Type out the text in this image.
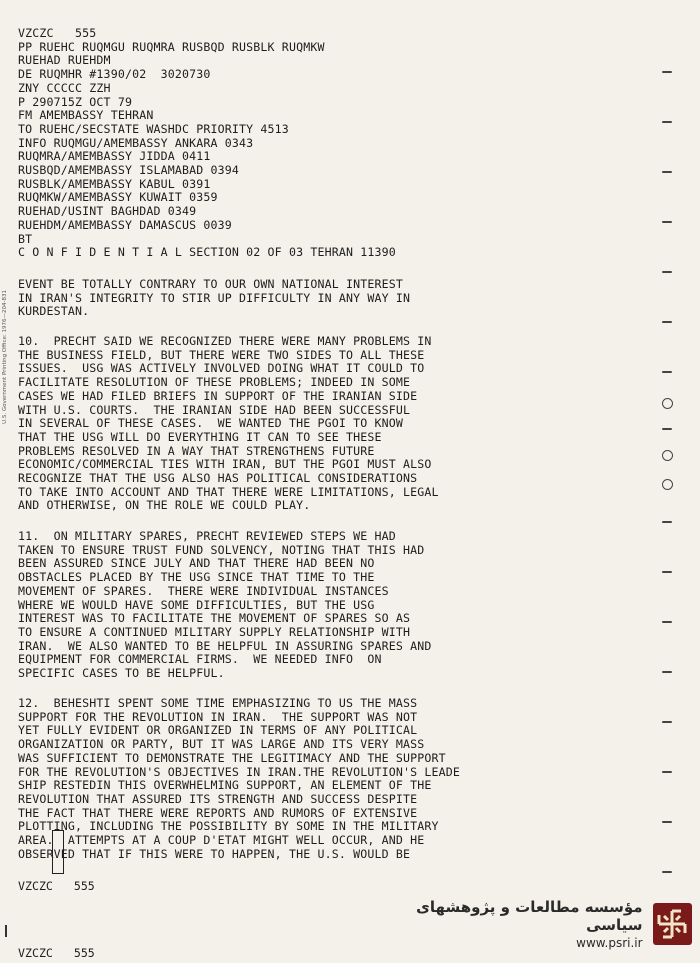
U.S. Government Printing Office: 1976—204-831
VZCZC   555
PP RUEHC RUQMGU RUQMRA RUSBQD RUSBLK RUQMKW
RUEHAD RUEHDM
DE RUQMHR #1390/02  3020730
ZNY CCCCC ZZH
P 290715Z OCT 79
FM AMEMBASSY TEHRAN
TO RUEHC/SECSTATE WASHDC PRIORITY 4513
INFO RUQMGU/AMEMBASSY ANKARA 0343
RUQMRA/AMEMBASSY JIDDA 0411
RUSBQD/AMEMBASSY ISLAMABAD 0394
RUSBLK/AMEMBASSY KABUL 0391
RUQMKW/AMEMBASSY KUWAIT 0359
RUEHAD/USINT BAGHDAD 0349
RUEHDM/AMEMBASSY DAMASCUS 0039
BT
C O N F I D E N T I A L SECTION 02 OF 03 TEHRAN 11390
EVENT BE TOTALLY CONTRARY TO OUR OWN NATIONAL INTEREST
IN IRAN'S INTEGRITY TO STIR UP DIFFICULTY IN ANY WAY IN
KURDESTAN.
10.  PRECHT SAID WE RECOGNIZED THERE WERE MANY PROBLEMS IN
THE BUSINESS FIELD, BUT THERE WERE TWO SIDES TO ALL THESE
ISSUES.  USG WAS ACTIVELY INVOLVED DOING WHAT IT COULD TO
FACILITATE RESOLUTION OF THESE PROBLEMS; INDEED IN SOME
CASES WE HAD FILED BRIEFS IN SUPPORT OF THE IRANIAN SIDE
WITH U.S. COURTS.  THE IRANIAN SIDE HAD BEEN SUCCESSFUL
IN SEVERAL OF THESE CASES.  WE WANTED THE PGOI TO KNOW
THAT THE USG WILL DO EVERYTHING IT CAN TO SEE THESE
PROBLEMS RESOLVED IN A WAY THAT STRENGTHENS FUTURE
ECONOMIC/COMMERCIAL TIES WITH IRAN, BUT THE PGOI MUST ALSO
RECOGNIZE THAT THE USG ALSO HAS POLITICAL CONSIDERATIONS
TO TAKE INTO ACCOUNT AND THAT THERE WERE LIMITATIONS, LEGAL
AND OTHERWISE, ON THE ROLE WE COULD PLAY.
11.  ON MILITARY SPARES, PRECHT REVIEWED STEPS WE HAD
TAKEN TO ENSURE TRUST FUND SOLVENCY, NOTING THAT THIS HAD
BEEN ASSURED SINCE JULY AND THAT THERE HAD BEEN NO
OBSTACLES PLACED BY THE USG SINCE THAT TIME TO THE
MOVEMENT OF SPARES.  THERE WERE INDIVIDUAL INSTANCES
WHERE WE WOULD HAVE SOME DIFFICULTIES, BUT THE USG
INTEREST WAS TO FACILITATE THE MOVEMENT OF SPARES SO AS
TO ENSURE A CONTINUED MILITARY SUPPLY RELATIONSHIP WITH
IRAN.  WE ALSO WANTED TO BE HELPFUL IN ASSURING SPARES AND
EQUIPMENT FOR COMMERCIAL FIRMS.  WE NEEDED INFO  ON
SPECIFIC CASES TO BE HELPFUL.
12.  BEHESHTI SPENT SOME TIME EMPHASIZING TO US THE MASS
SUPPORT FOR THE REVOLUTION IN IRAN.  THE SUPPORT WAS NOT
YET FULLY EVIDENT OR ORGANIZED IN TERMS OF ANY POLITICAL
ORGANIZATION OR PARTY, BUT IT WAS LARGE AND ITS VERY MASS
WAS SUFFICIENT TO DEMONSTRATE THE LEGITIMACY AND THE SUPPORT
FOR THE REVOLUTION'S OBJECTIVES IN IRAN.THE REVOLUTION'S LEADE
SHIP RESTEDIN THIS OVERWHELMING SUPPORT, AN ELEMENT OF THE
REVOLUTION THAT ASSURED ITS STRENGTH AND SUCCESS DESPITE
THE FACT THAT THERE WERE REPORTS AND RUMORS OF EXTENSIVE
PLOTTING, INCLUDING THE POSSIBILITY BY SOME IN THE MILITARY
AREA.  ATTEMPTS AT A COUP D'ETAT MIGHT WELL OCCUR, AND HE
OBSERVED THAT IF THIS WERE TO HAPPEN, THE U.S. WOULD BE
VZCZC   555
VZCZC   555
مؤسسه مطالعات و پژوهشهای سیاسی
www.psri.ir
